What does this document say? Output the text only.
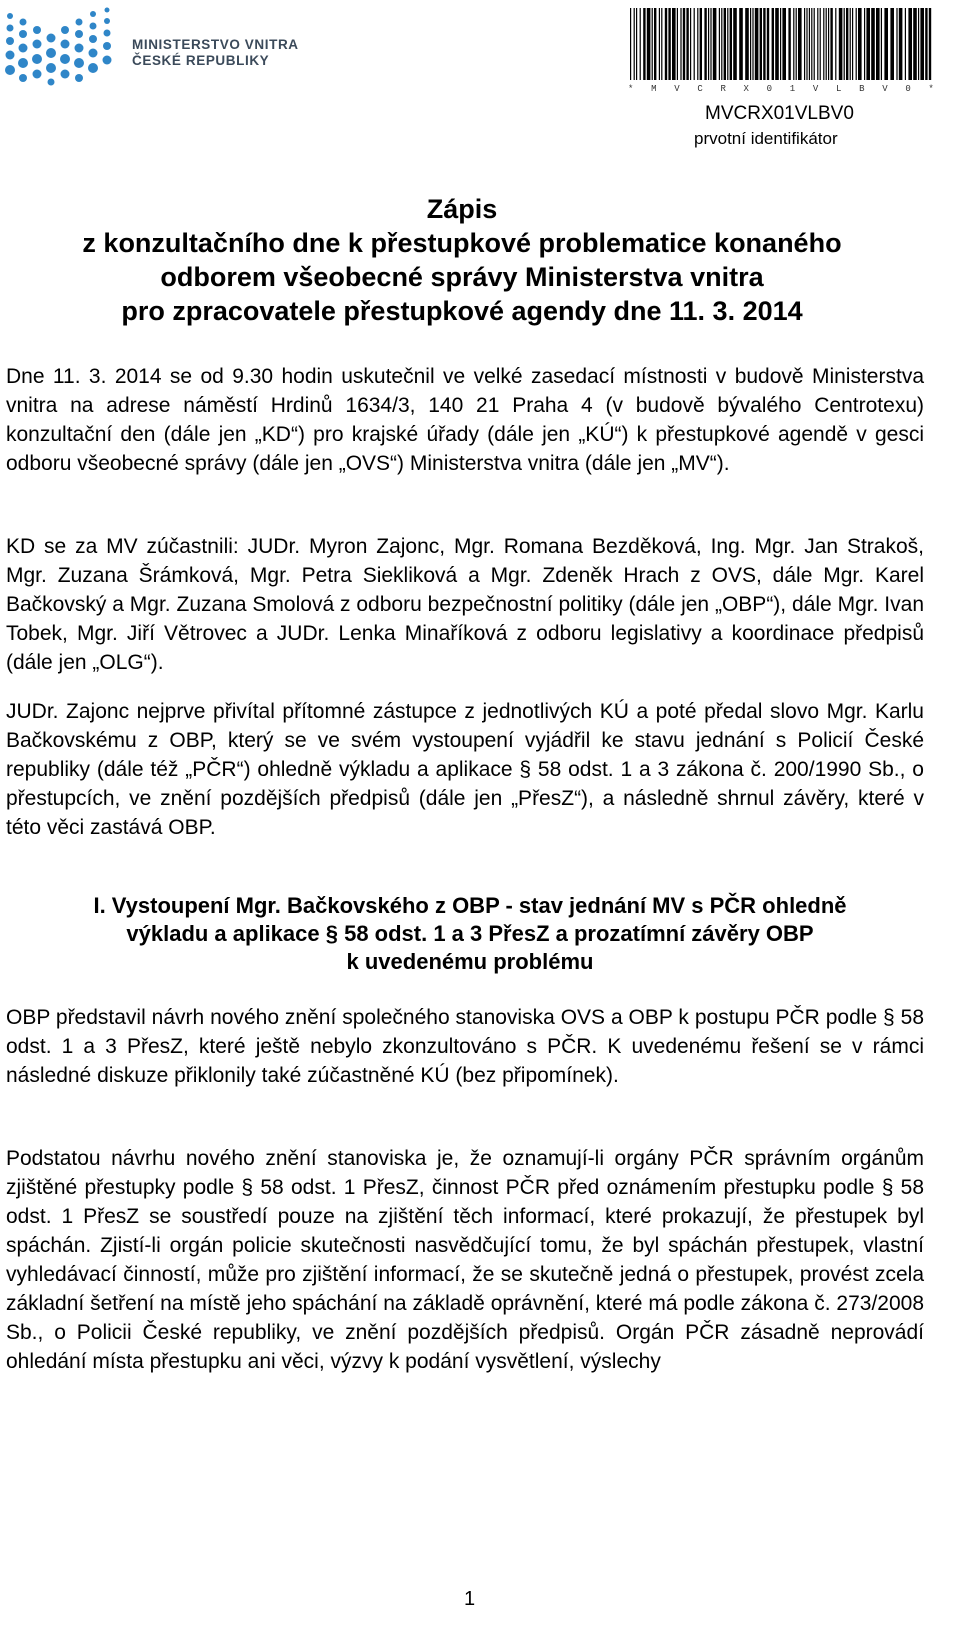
MINISTERSTVO VNITRA
ČESKÉ REPUBLIKY
* M V C R X 0 1 V L B V 0 *
MVCRX01VLBV0
prvotní identifikátor
Zápis
z konzultačního dne k přestupkové problematice konaného
odborem všeobecné správy Ministerstva vnitra
pro zpracovatele přestupkové agendy dne 11. 3. 2014

Dne 11. 3. 2014 se od 9.30 hodin uskutečnil ve velké zasedací místnosti v budově Ministerstva vnitra na adrese náměstí Hrdinů 1634/3, 140 21 Praha 4 (v budově bývalého Centrotexu) konzultační den (dále jen „KD“) pro krajské úřady (dále jen „KÚ“) k přestupkové agendě v gesci odboru všeobecné správy (dále jen „OVS“) Ministerstva vnitra (dále jen „MV“).

KD se za MV zúčastnili: JUDr. Myron Zajonc, Mgr. Romana Bezděková, Ing. Mgr. Jan Strakoš, Mgr. Zuzana Šrámková, Mgr. Petra Siekliková a Mgr. Zdeněk Hrach z OVS, dále Mgr. Karel Bačkovský a Mgr. Zuzana Smolová z odboru bezpečnostní politiky (dále jen „OBP“), dále Mgr. Ivan Tobek, Mgr. Jiří Větrovec a JUDr. Lenka Minaříková z odboru legislativy a koordinace předpisů (dále jen „OLG“).

JUDr. Zajonc nejprve přivítal přítomné zástupce z jednotlivých KÚ a poté předal slovo Mgr. Karlu Bačkovskému z OBP, který se ve svém vystoupení vyjádřil ke stavu jednání s Policií České republiky (dále též „PČR“) ohledně výkladu a aplikace § 58 odst. 1 a 3 zákona č. 200/1990 Sb., o přestupcích, ve znění pozdějších předpisů (dále jen „PřesZ“), a následně shrnul závěry, které v této věci zastává OBP.

I. Vystoupení Mgr. Bačkovského z OBP - stav jednání MV s PČR ohledně
výkladu a aplikace § 58 odst. 1 a 3 PřesZ a prozatímní závěry OBP
k uvedenému problému

OBP představil návrh nového znění společného stanoviska OVS a OBP k postupu PČR podle § 58 odst. 1 a 3 PřesZ, které ještě nebylo zkonzultováno s PČR. K uvedenému řešení se v rámci následné diskuze přiklonily také zúčastněné KÚ (bez připomínek).

Podstatou návrhu nového znění stanoviska je, že oznamují-li orgány PČR správním orgánům zjištěné přestupky podle § 58 odst. 1 PřesZ, činnost PČR před oznámením přestupku podle § 58 odst. 1 PřesZ se soustředí pouze na zjištění těch informací, které prokazují, že přestupek byl spáchán. Zjistí-li orgán policie skutečnosti nasvědčující tomu, že byl spáchán přestupek, vlastní vyhledávací činností, může pro zjištění informací, že se skutečně jedná o přestupek, provést zcela základní šetření na místě jeho spáchání na základě oprávnění, které má podle zákona č. 273/2008 Sb., o Policii České republiky, ve znění pozdějších předpisů. Orgán PČR zásadně neprovádí ohledání místa přestupku ani věci, výzvy k podání vysvětlení, výslechy

1
